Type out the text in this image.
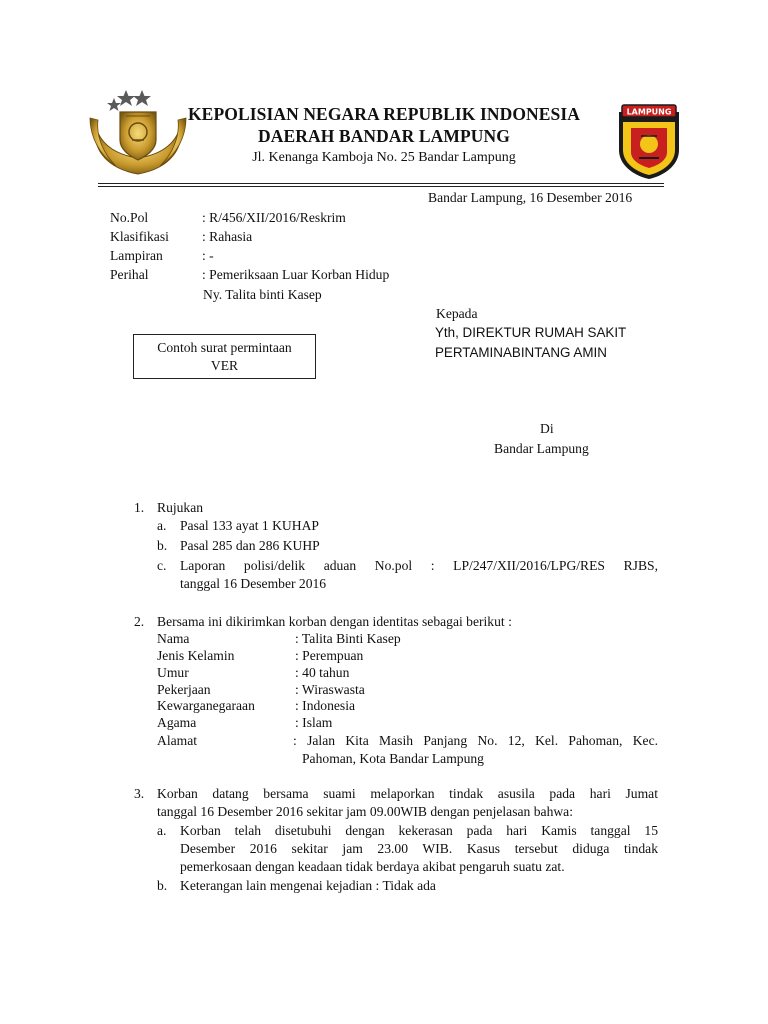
LAMPUNG
KEPOLISIAN NEGARA REPUBLIK INDONESIA
DAERAH BANDAR LAMPUNG
Jl. Kenanga Kamboja No. 25 Bandar Lampung
Bandar Lampung, 16 Desember 2016
No.Pol	: R/456/XII/2016/Reskrim
Klasifikasi : Rahasia
Lampiran	: -
Perihal	: Pemeriksaan Luar Korban Hidup
Ny. Talita binti Kasep
Kepada
Yth, DIREKTUR RUMAH SAKIT
PERTAMINABINTANG AMIN
Contoh surat permintaan
VER
Di
Bandar Lampung
1. Rujukan
a. Pasal 133 ayat 1 KUHAP
b. Pasal 285 dan 286 KUHP
c. Laporan polisi/delik aduan No.pol : LP/247/XII/2016/LPG/RES RJBS,
tanggal 16 Desember 2016
2. Bersama ini dikirimkan korban dengan identitas sebagai berikut :
Nama	: Talita Binti Kasep
Jenis Kelamin	: Perempuan
Umur	: 40 tahun
Pekerjaan	: Wiraswasta
Kewarganegaraan	: Indonesia
Agama	: Islam
Alamat	: Jalan Kita Masih Panjang No. 12, Kel. Pahoman, Kec.
Pahoman, Kota Bandar Lampung
3. Korban datang bersama suami melaporkan tindak asusila pada hari Jumat
tanggal 16 Desember 2016 sekitar jam 09.00WIB dengan penjelasan bahwa:
a. Korban telah disetubuhi dengan kekerasan pada hari Kamis tanggal 15
Desember 2016 sekitar jam 23.00 WIB. Kasus tersebut diduga tindak
pemerkosaan dengan keadaan tidak berdaya akibat pengaruh suatu zat.
b. Keterangan lain mengenai kejadian : Tidak ada
